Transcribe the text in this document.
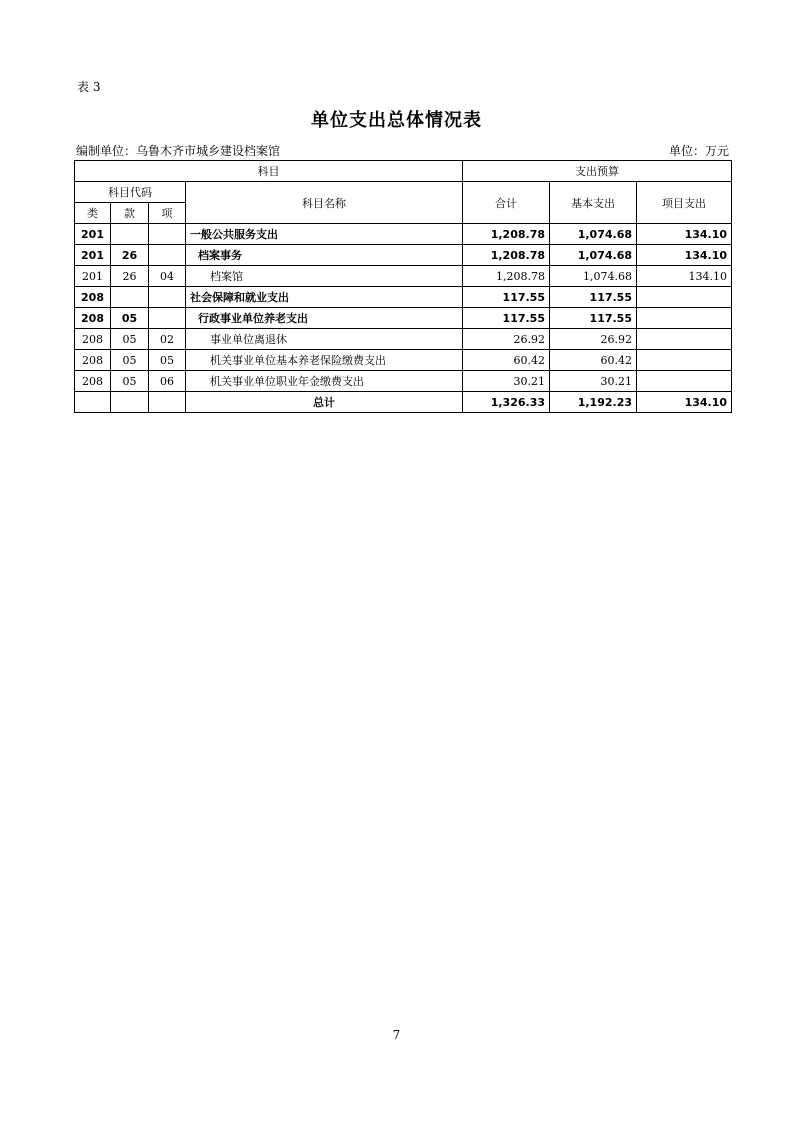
表 3
单位支出总体情况表
编制单位：乌鲁木齐市城乡建设档案馆	单位：万元
科目				支出预算		
科目代码			科目名称	合计	基本支出	项目支出
类	款	项				
201			一般公共服务支出	1,208.78	1,074.68	134.10
201	26		档案事务	1,208.78	1,074.68	134.10
201	26	04	档案馆	1,208.78	1,074.68	134.10
208			社会保障和就业支出	117.55	117.55	
208	05		行政事业单位养老支出	117.55	117.55	
208	05	02	事业单位离退休	26.92	26.92	
208	05	05	机关事业单位基本养老保险缴费支出	60.42	60.42	
208	05	06	机关事业单位职业年金缴费支出	30.21	30.21	
			总计	1,326.33	1,192.23	134.10
7
